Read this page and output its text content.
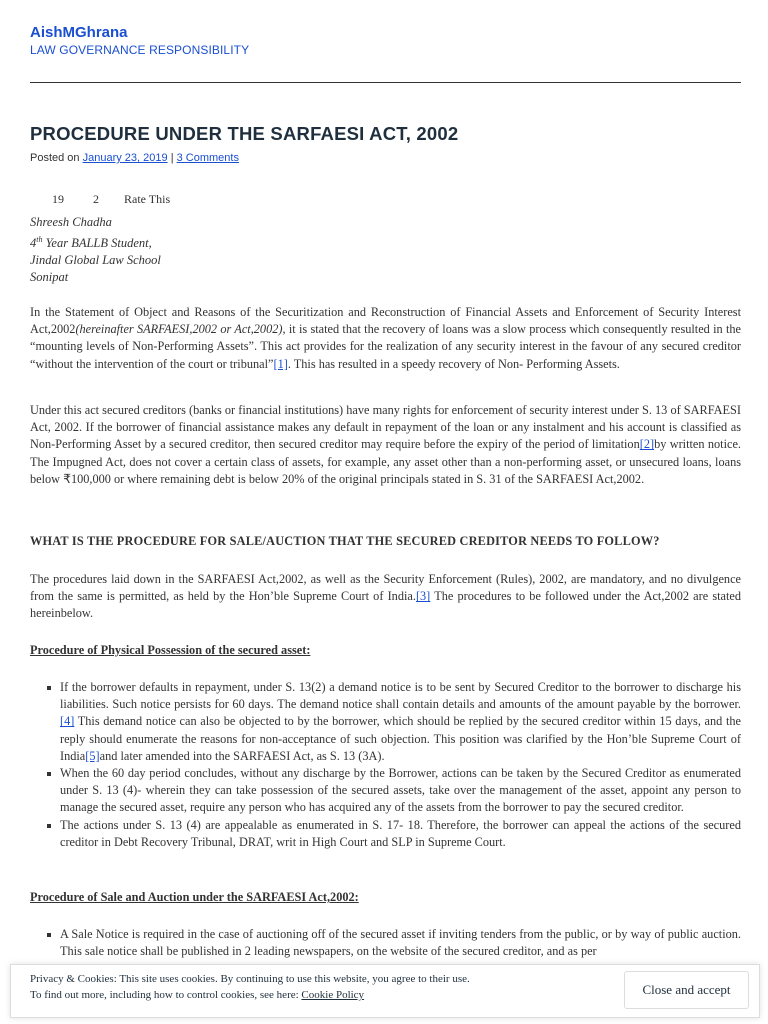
AishMGhrana
LAW GOVERNANCE RESPONSIBILITY
PROCEDURE UNDER THE SARFAESI ACT, 2002
Posted on January 23, 2019 | 3 Comments
19 2 Rate This
Shreesh Chadha
4th Year BALLB Student,
Jindal Global Law School
Sonipat

In the Statement of Object and Reasons of the Securitization and Reconstruction of Financial Assets and Enforcement of Security Interest Act,2002(hereinafter SARFAESI,2002 or Act,2002), it is stated that the recovery of loans was a slow process which consequently resulted in the “mounting levels of Non-Performing Assets”. This act provides for the realization of any security interest in the favour of any secured creditor “without the intervention of the court or tribunal”[1]. This has resulted in a speedy recovery of Non- Performing Assets.

Under this act secured creditors (banks or financial institutions) have many rights for enforcement of security interest under S. 13 of SARFAESI Act, 2002. If the borrower of financial assistance makes any default in repayment of the loan or any instalment and his account is classified as Non-Performing Asset by a secured creditor, then secured creditor may require before the expiry of the period of limitation[2]by written notice. The Impugned Act, does not cover a certain class of assets, for example, any asset other than a non-performing asset, or unsecured loans, loans below ₹100,000 or where remaining debt is below 20% of the original principals stated in S. 31 of the SARFAESI Act,2002.

WHAT IS THE PROCEDURE FOR SALE/AUCTION THAT THE SECURED CREDITOR NEEDS TO FOLLOW?

The procedures laid down in the SARFAESI Act,2002, as well as the Security Enforcement (Rules), 2002, are mandatory, and no divulgence from the same is permitted, as held by the Hon’ble Supreme Court of India.[3] The procedures to be followed under the Act,2002 are stated hereinbelow.

Procedure of Physical Possession of the secured asset:
If the borrower defaults in repayment, under S. 13(2) a demand notice is to be sent by Secured Creditor to the borrower to discharge his liabilities. Such notice persists for 60 days. The demand notice shall contain details and amounts of the amount payable by the borrower.[4] This demand notice can also be objected to by the borrower, which should be replied by the secured creditor within 15 days, and the reply should enumerate the reasons for non-acceptance of such objection. This position was clarified by the Hon’ble Supreme Court of India[5]and later amended into the SARFAESI Act, as S. 13 (3A).
When the 60 day period concludes, without any discharge by the Borrower, actions can be taken by the Secured Creditor as enumerated under S. 13 (4)- wherein they can take possession of the secured assets, take over the management of the asset, appoint any person to manage the secured asset, require any person who has acquired any of the assets from the borrower to pay the secured creditor.
The actions under S. 13 (4) are appealable as enumerated in S. 17- 18. Therefore, the borrower can appeal the actions of the secured creditor in Debt Recovery Tribunal, DRAT, writ in High Court and SLP in Supreme Court.
Procedure of Sale and Auction under the SARFAESI Act,2002:
A Sale Notice is required in the case of auctioning off of the secured asset if inviting tenders from the public, or by way of public auction. This sale notice shall be published in 2 leading newspapers, on the website of the secured creditor, and as per
Privacy & Cookies: This site uses cookies. By continuing to use this website, you agree to their use.
To find out more, including how to control cookies, see here: Cookie Policy	Close and accept
